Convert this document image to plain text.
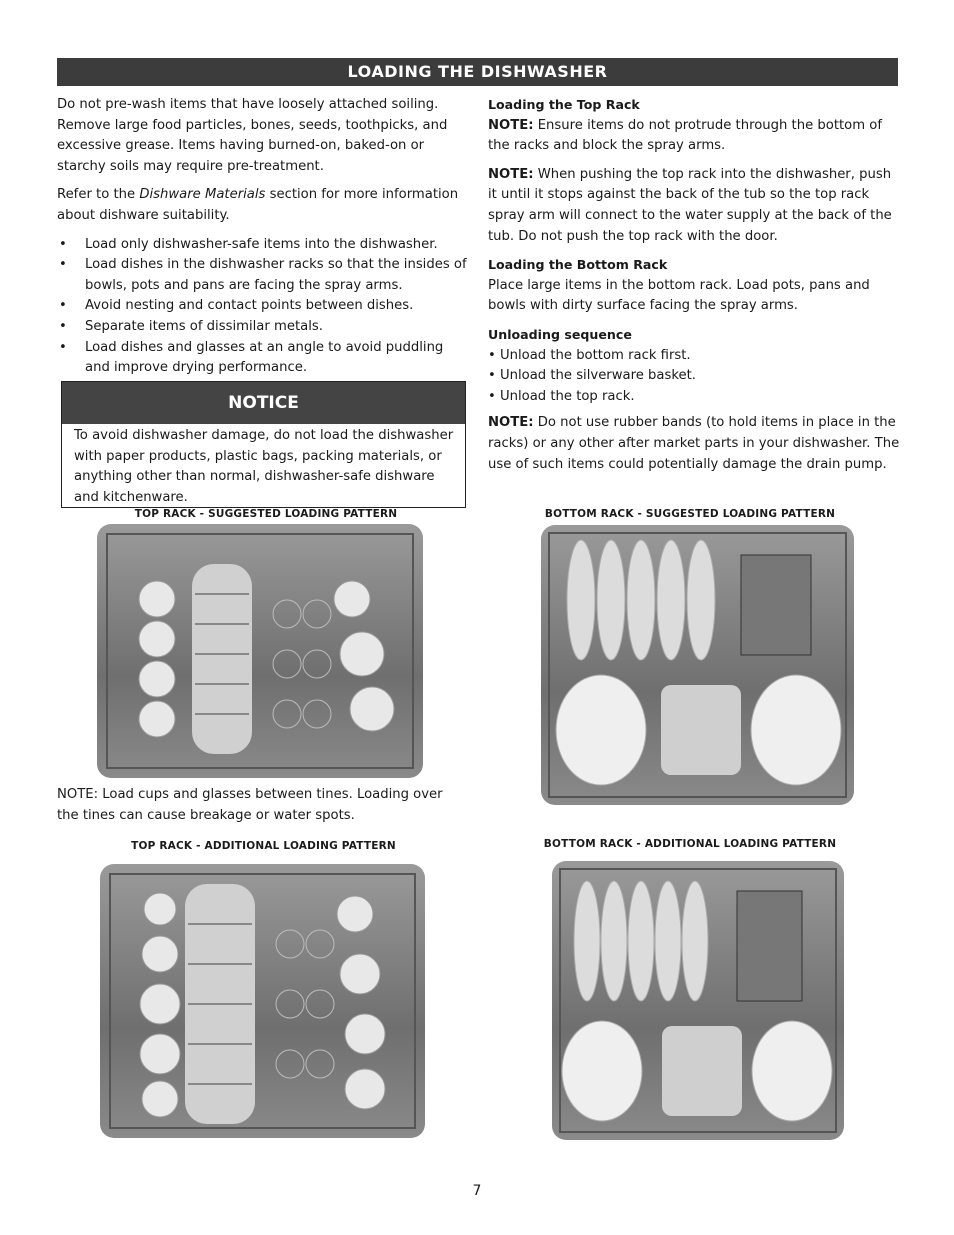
LOADING THE DISHWASHER

Do not pre-wash items that have loosely attached soiling. Remove large food particles, bones, seeds, toothpicks, and excessive grease. Items having burned-on, baked-on or starchy soils may require pre-treatment.

Refer to the Dishware Materials section for more information about dishware suitability.

• Load only dishwasher-safe items into the dishwasher.
• Load dishes in the dishwasher racks so that the insides of bowls, pots and pans are facing the spray arms.
• Avoid nesting and contact points between dishes.
• Separate items of dissimilar metals.
• Load dishes and glasses at an angle to avoid puddling and improve drying performance.
NOTICE
To avoid dishwasher damage, do not load the dishwasher with paper products, plastic bags, packing materials, or anything other than normal, dishwasher-safe dishware and kitchenware.

Loading the Top Rack

NOTE: Ensure items do not protrude through the bottom of the racks and block the spray arms.

NOTE: When pushing the top rack into the dishwasher, push it until it stops against the back of the tub so the top rack spray arm will connect to the water supply at the back of the tub. Do not push the top rack with the door.

Loading the Bottom Rack

Place large items in the bottom rack. Load pots, pans and bowls with dirty surface facing the spray arms.

Unloading sequence

• Unload the bottom rack first.
• Unload the silverware basket.
• Unload the top rack.

NOTE: Do not use rubber bands (to hold items in place in the racks) or any other after market parts in your dishwasher. The use of such items could potentially damage the drain pump.

TOP RACK - SUGGESTED LOADING PATTERN	BOTTOM RACK - SUGGESTED LOADING PATTERN
NOTE: Load cups and glasses between tines. Loading over the tines can cause breakage or water spots.
TOP RACK - ADDITIONAL LOADING PATTERN	BOTTOM RACK - ADDITIONAL LOADING PATTERN
7
